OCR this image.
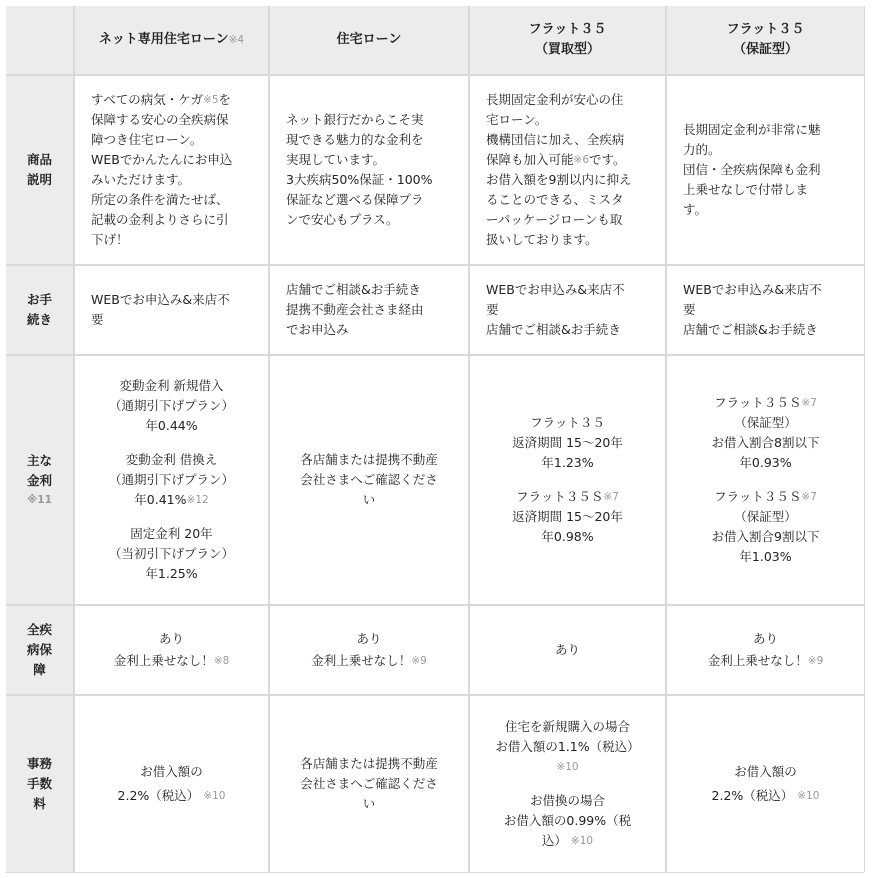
ネット専用住宅ローン$^{※4}$	住宅ローン
フラット３５
（買取型）
フラット３５
（保証型）
商品
説明
すべての病気・ケガ$^{※5}$を
保障する安心の全疾病保
障つき住宅ローン。
WEBでかんたんにお申込
みいただけます。
所定の条件を満たせば、
記載の金利よりさらに引
下げ！
ネット銀行だからこそ実
現できる魅力的な金利を
実現しています。
3大疾病50%保証・100%
保証など選べる保障プラ
ンで安心もプラス。
長期固定金利が安心の住
宅ローン。
機構団信に加え、全疾病
保障も加入可能$^{※6}$です。
お借入額を9割以内に抑え
ることのできる、ミスタ
ーパッケージローンも取
扱いしております。
長期固定金利が非常に魅
力的。
団信・全疾病保障も金利
上乗せなしで付帯しま
す。
お手
続き
WEBでお申込み&来店不
要
店舗でご相談&お手続き
提携不動産会社さま経由
でお申込み
WEBでお申込み&来店不
要
店舗でご相談&お手続き
WEBでお申込み&来店不
要
店舗でご相談&お手続き
主な
金利
※11
変動金利 新規借入
（通期引下げプラン）
年0.44%
変動金利 借換え
（通期引下げプラン）
年0.41%$^{※12}$
固定金利 20年
（当初引下げプラン）
年1.25%
各店舗または提携不動産
会社さまへご確認くださ
い
フラット３５
返済期間 15～20年
年1.23%
フラット３５Ｓ$^{※7}$
返済期間 15～20年
年0.98%
フラット３５Ｓ$^{※7}$
（保証型）
お借入割合8割以下
年0.93%
フラット３５Ｓ$^{※7}$
（保証型）
お借入割合9割以下
年1.03%
全疾
病保
障
あり
金利上乗せなし！$^{※8}$
あり
金利上乗せなし！$^{※9}$
あり
あり
金利上乗せなし！$^{※9}$
事務
手数
料
お借入額の
2.2%（税込） $^{※10}$
各店舗または提携不動産
会社さまへご確認くださ
い
住宅を新規購入の場合
お借入額の1.1%（税込）
※10
お借換の場合
お借入額の0.99%（税
込） $^{※10}$
お借入額の
2.2%（税込） $^{※10}$
